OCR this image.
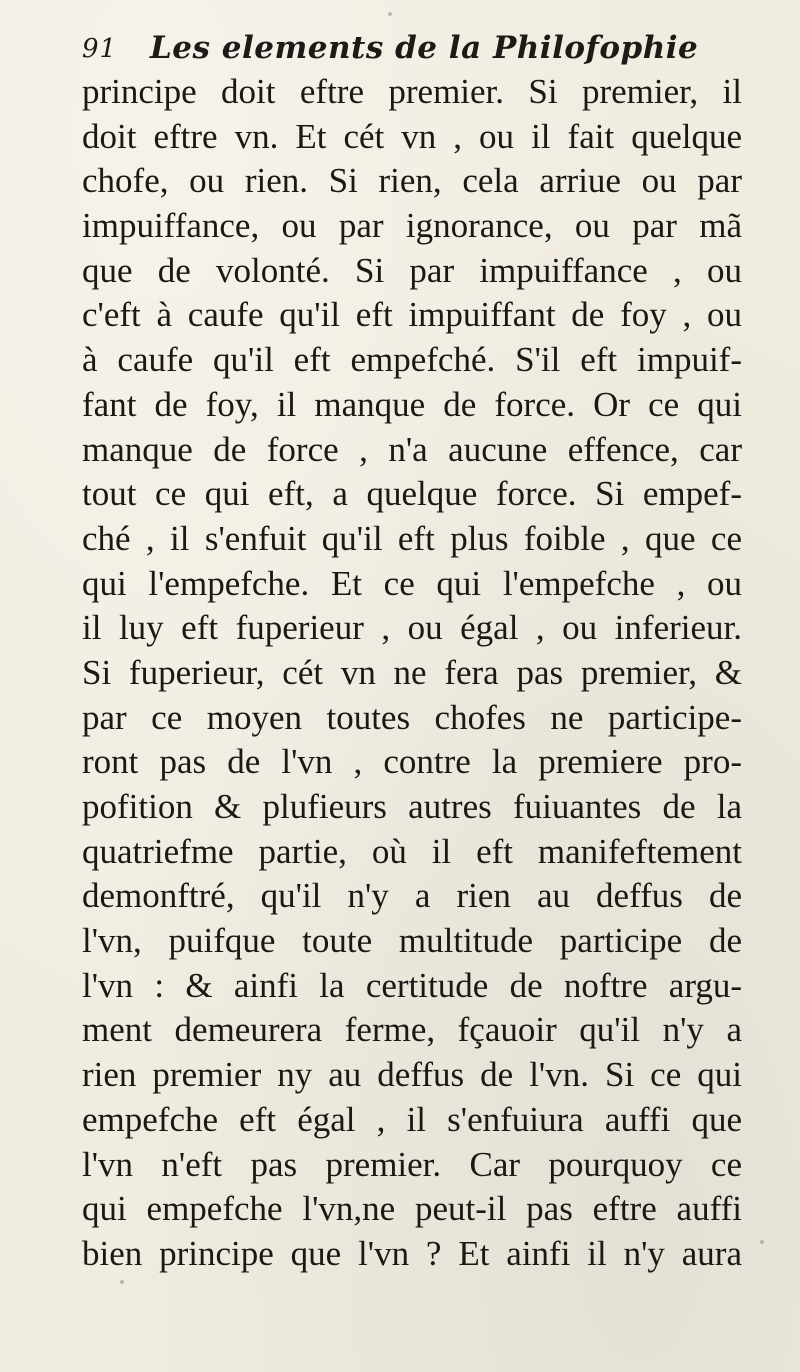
91 Les elements de la Philofophie
principe doit eftre premier. Si premier, il
doit eftre vn. Et cét vn , ou il fait quelque
chofe, ou rien. Si rien, cela arriue ou par
impuiffance, ou par ignorance, ou par mã
que de volonté. Si par impuiffance , ou
c'eft à caufe qu'il eft impuiffant de foy , ou
à caufe qu'il eft empefché. S'il eft impuif-
fant de foy, il manque de force. Or ce qui
manque de force , n'a aucune effence, car
tout ce qui eft, a quelque force. Si empef-
ché , il s'enfuit qu'il eft plus foible , que ce
qui l'empefche. Et ce qui l'empefche , ou
il luy eft fuperieur , ou égal , ou inferieur.
Si fuperieur, cét vn ne fera pas premier, &
par ce moyen toutes chofes ne participe-
ront pas de l'vn , contre la premiere pro-
pofition & plufieurs autres fuiuantes de la
quatriefme partie, où il eft manifeftement
demonftré, qu'il n'y a rien au deffus de
l'vn, puifque toute multitude participe de
l'vn : & ainfi la certitude de noftre argu-
ment demeurera ferme, fçauoir qu'il n'y a
rien premier ny au deffus de l'vn. Si ce qui
empefche eft égal , il s'enfuiura auffi que
l'vn n'eft pas premier. Car pourquoy ce
qui empefche l'vn,ne peut-il pas eftre auffi
bien principe que l'vn ? Et ainfi il n'y aura
